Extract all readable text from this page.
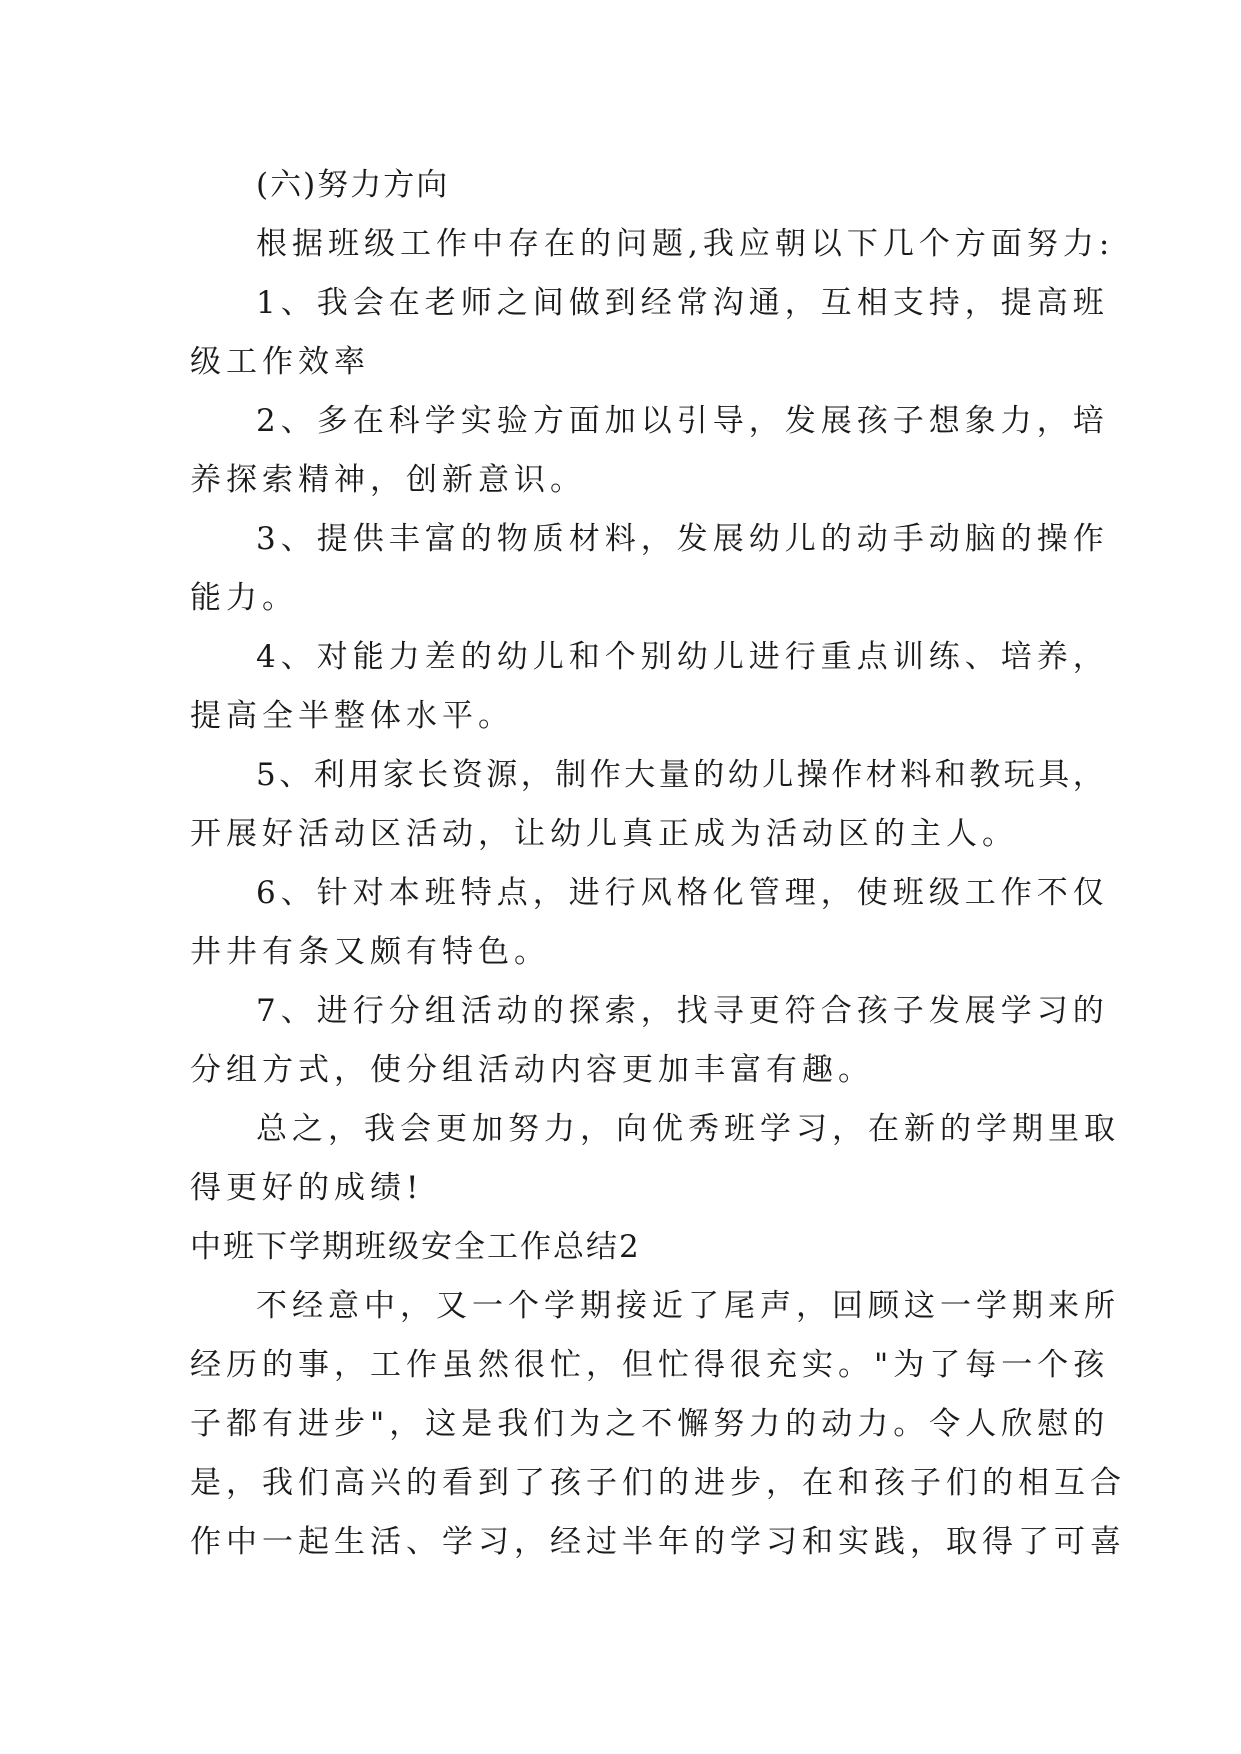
(六)努力方向
根据班级工作中存在的问题,我应朝以下几个方面努力:
1、我会在老师之间做到经常沟通，互相支持，提高班
级工作效率
2、多在科学实验方面加以引导，发展孩子想象力，培
养探索精神，创新意识。
3、提供丰富的物质材料，发展幼儿的动手动脑的操作
能力。
4、对能力差的幼儿和个别幼儿进行重点训练、培养，
提高全半整体水平。
5、利用家长资源，制作大量的幼儿操作材料和教玩具，
开展好活动区活动，让幼儿真正成为活动区的主人。
6、针对本班特点，进行风格化管理，使班级工作不仅
井井有条又颇有特色。
7、进行分组活动的探索，找寻更符合孩子发展学习的
分组方式，使分组活动内容更加丰富有趣。
总之，我会更加努力，向优秀班学习，在新的学期里取
得更好的成绩!
中班下学期班级安全工作总结2
不经意中，又一个学期接近了尾声，回顾这一学期来所
经历的事，工作虽然很忙，但忙得很充实。"为了每一个孩
子都有进步"，这是我们为之不懈努力的动力。令人欣慰的
是，我们高兴的看到了孩子们的进步，在和孩子们的相互合
作中一起生活、学习，经过半年的学习和实践，取得了可喜
